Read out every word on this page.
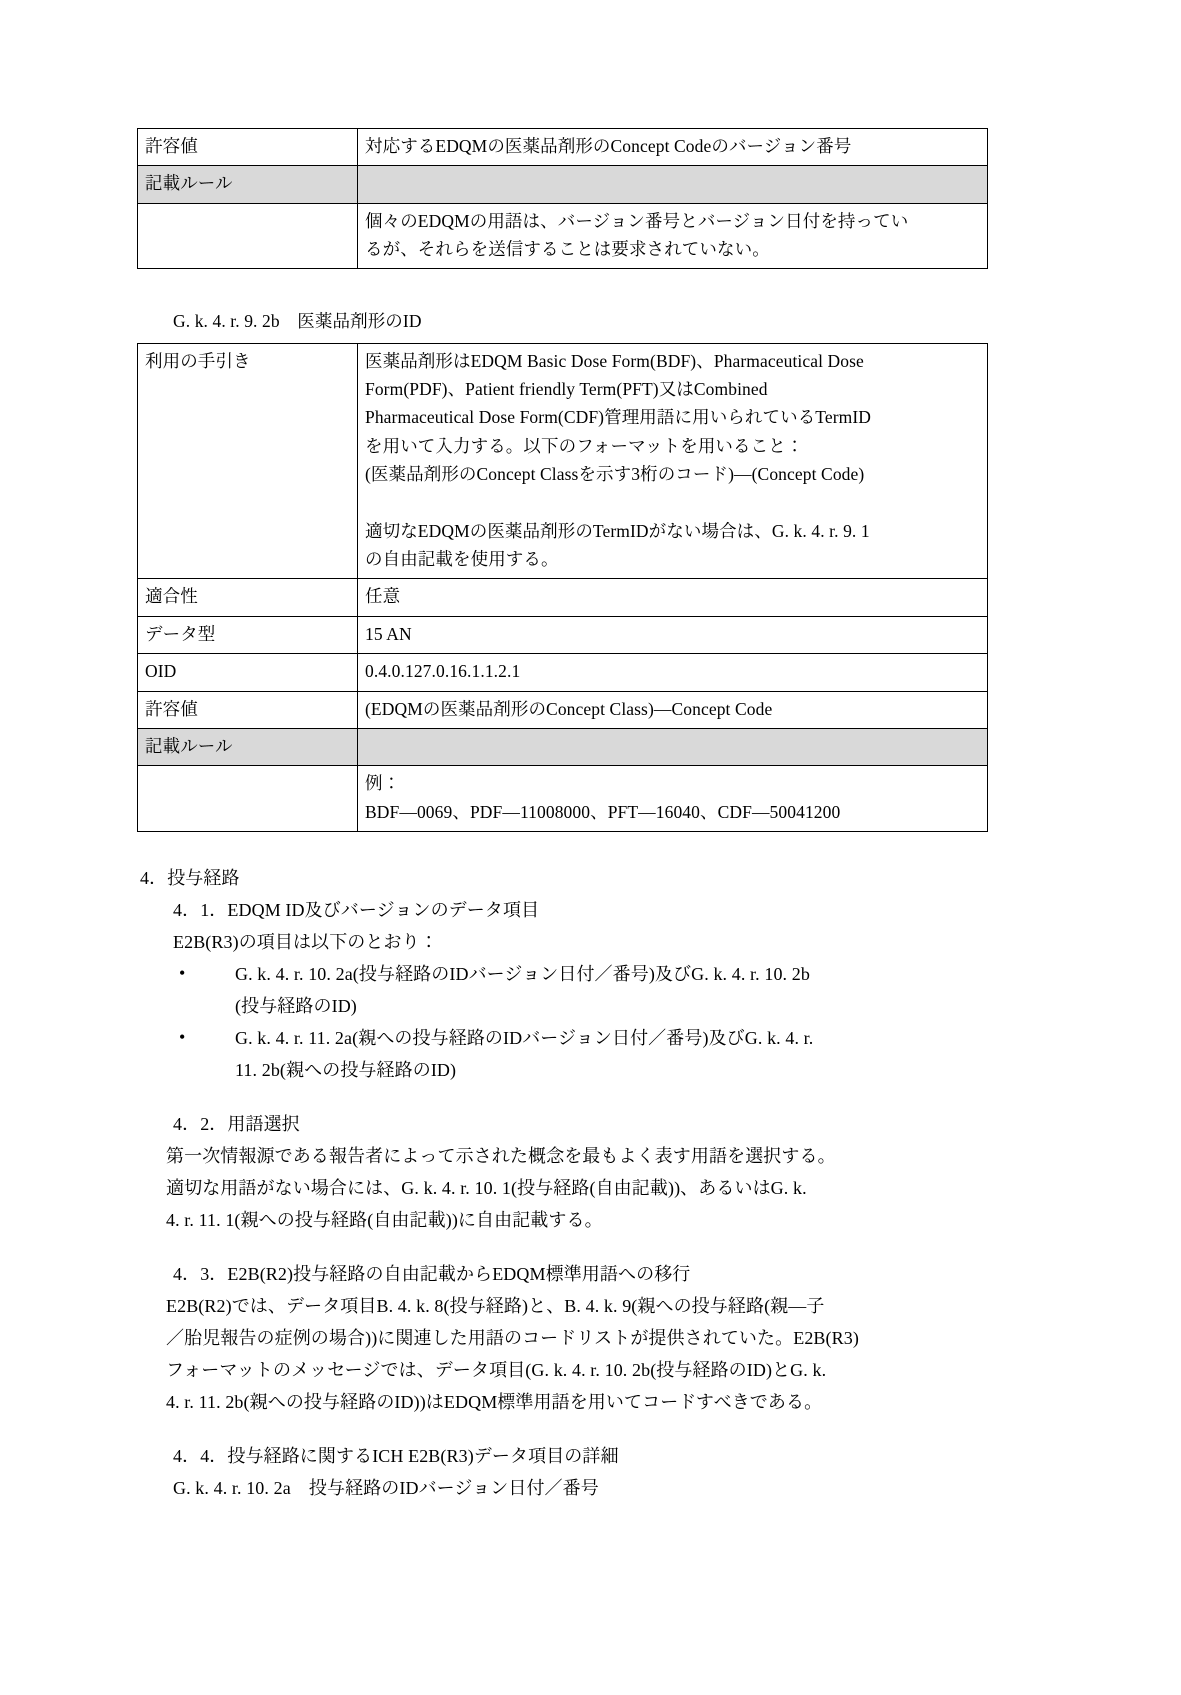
許容値	対応するEDQMの医薬品剤形のConcept Codeのバージョン番号

記載ルール	

	個々のEDQMの用語は、バージョン番号とバージョン日付を持ってい
るが、それらを送信することは要求されていない。
G. k. 4. r. 9. 2b　医薬品剤形のID
利用の手引き	医薬品剤形はEDQM Basic Dose Form(BDF)、Pharmaceutical Dose
Form(PDF)、Patient friendly Term(PFT)又はCombined
Pharmaceutical Dose Form(CDF)管理用語に用いられているTermID
を用いて入力する。以下のフォーマットを用いること：
(医薬品剤形のConcept Classを示す3桁のコード)—(Concept Code)
適切なEDQMの医薬品剤形のTermIDがない場合は、G. k. 4. r. 9. 1
の自由記載を使用する。

適合性	任意

データ型	15 AN

OID	0.4.0.127.0.16.1.1.2.1

許容値	(EDQMの医薬品剤形のConcept Class)—Concept Code

記載ルール	

	例：
BDF—0069、PDF—11008000、PFT—16040、CDF—50041200
4．投与経路
4．1．EDQM ID及びバージョンのデータ項目
E2B(R3)の項目は以下のとおり：
• G. k. 4. r. 10. 2a(投与経路のIDバージョン日付／番号)及びG. k. 4. r. 10. 2b
(投与経路のID)
• G. k. 4. r. 11. 2a(親への投与経路のIDバージョン日付／番号)及びG. k. 4. r.
11. 2b(親への投与経路のID)
4．2．用語選択
第一次情報源である報告者によって示された概念を最もよく表す用語を選択する。
適切な用語がない場合には、G. k. 4. r. 10. 1(投与経路(自由記載))、あるいはG. k.
4. r. 11. 1(親への投与経路(自由記載))に自由記載する。
4．3．E2B(R2)投与経路の自由記載からEDQM標準用語への移行
E2B(R2)では、データ項目B. 4. k. 8(投与経路)と、B. 4. k. 9(親への投与経路(親—子
／胎児報告の症例の場合))に関連した用語のコードリストが提供されていた。E2B(R3)
フォーマットのメッセージでは、データ項目(G. k. 4. r. 10. 2b(投与経路のID)とG. k.
4. r. 11. 2b(親への投与経路のID))はEDQM標準用語を用いてコードすべきである。
4．4．投与経路に関するICH E2B(R3)データ項目の詳細
G. k. 4. r. 10. 2a　投与経路のIDバージョン日付／番号
